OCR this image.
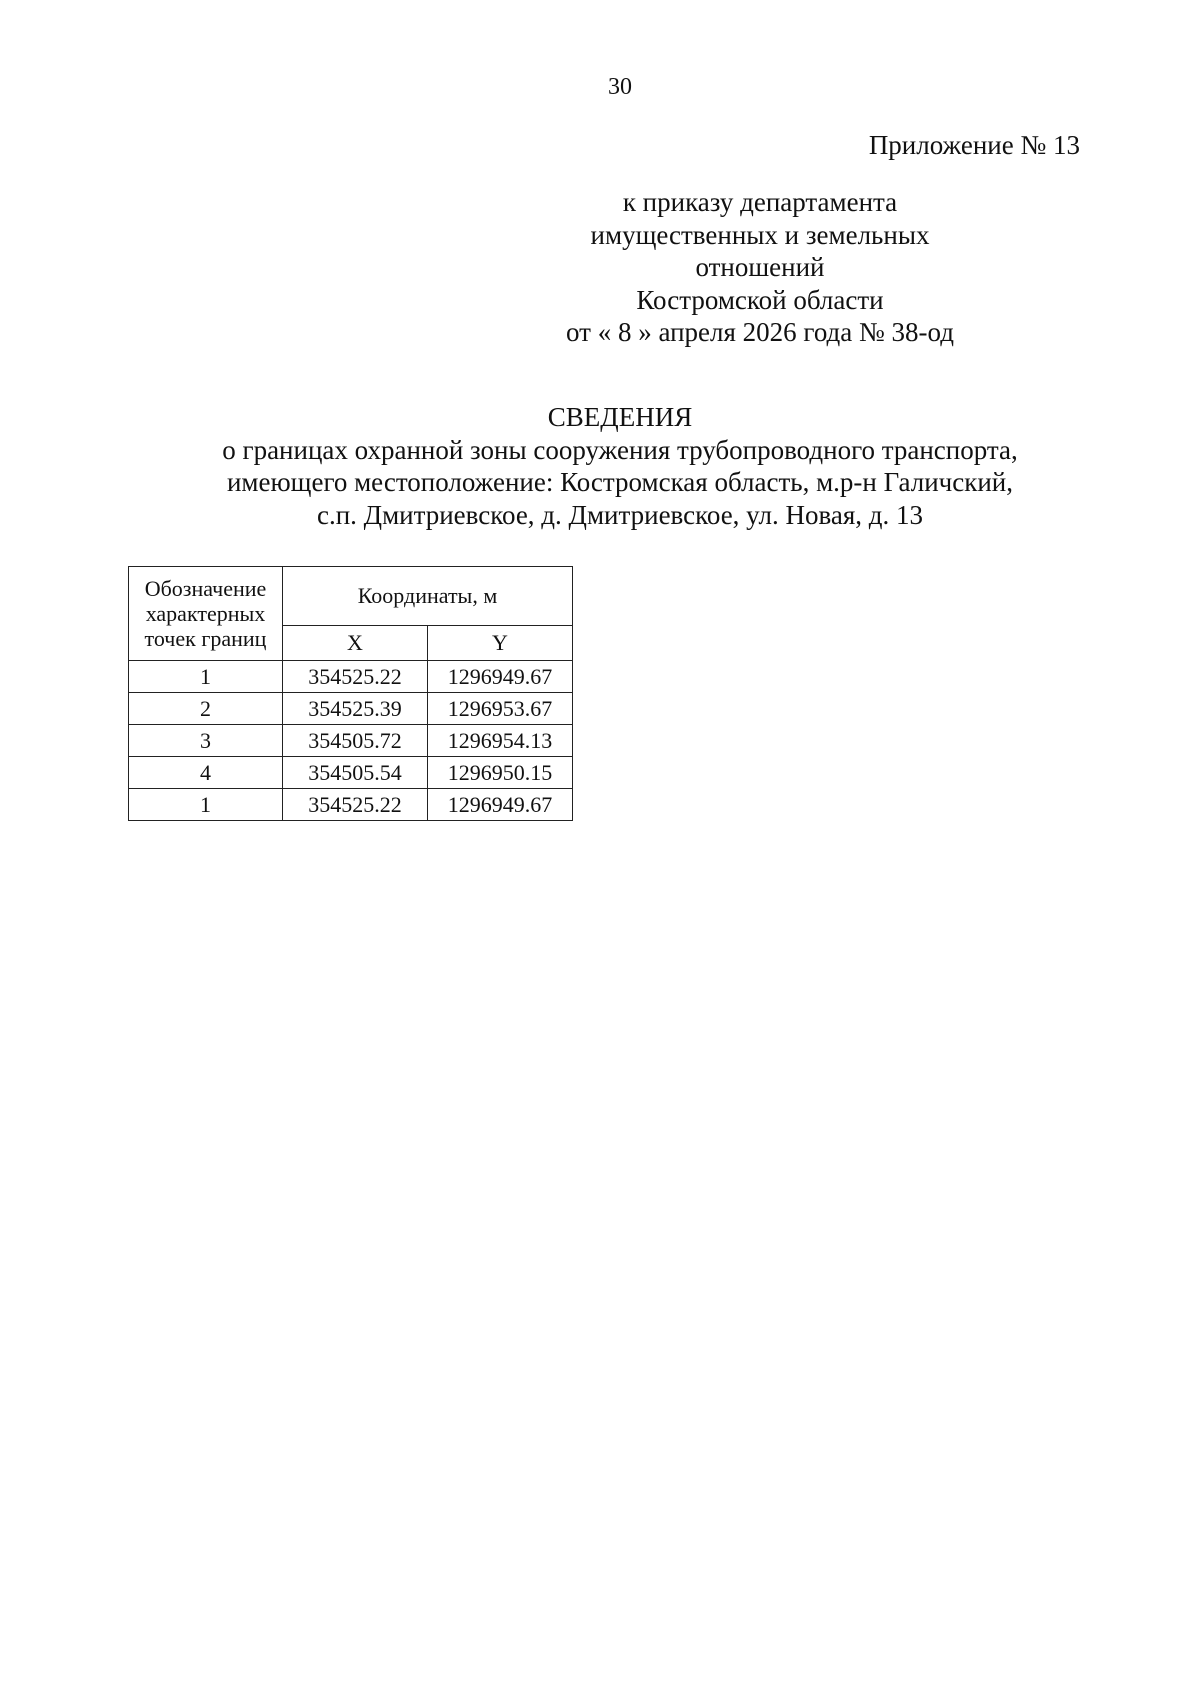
30
Приложение № 13
к приказу департамента
имущественных и земельных
отношений
Костромской области
от « 8 » апреля 2026 года № 38-од
СВЕДЕНИЯ
о границах охранной зоны сооружения трубопроводного транспорта,
имеющего местоположение: Костромская область, м.р-н Галичский,
с.п. Дмитриевское, д. Дмитриевское, ул. Новая, д. 13
Обозначение характерных точек границ	Координаты, м	
	X	Y
1	354525.22	1296949.67
2	354525.39	1296953.67
3	354505.72	1296954.13
4	354505.54	1296950.15
1	354525.22	1296949.67
